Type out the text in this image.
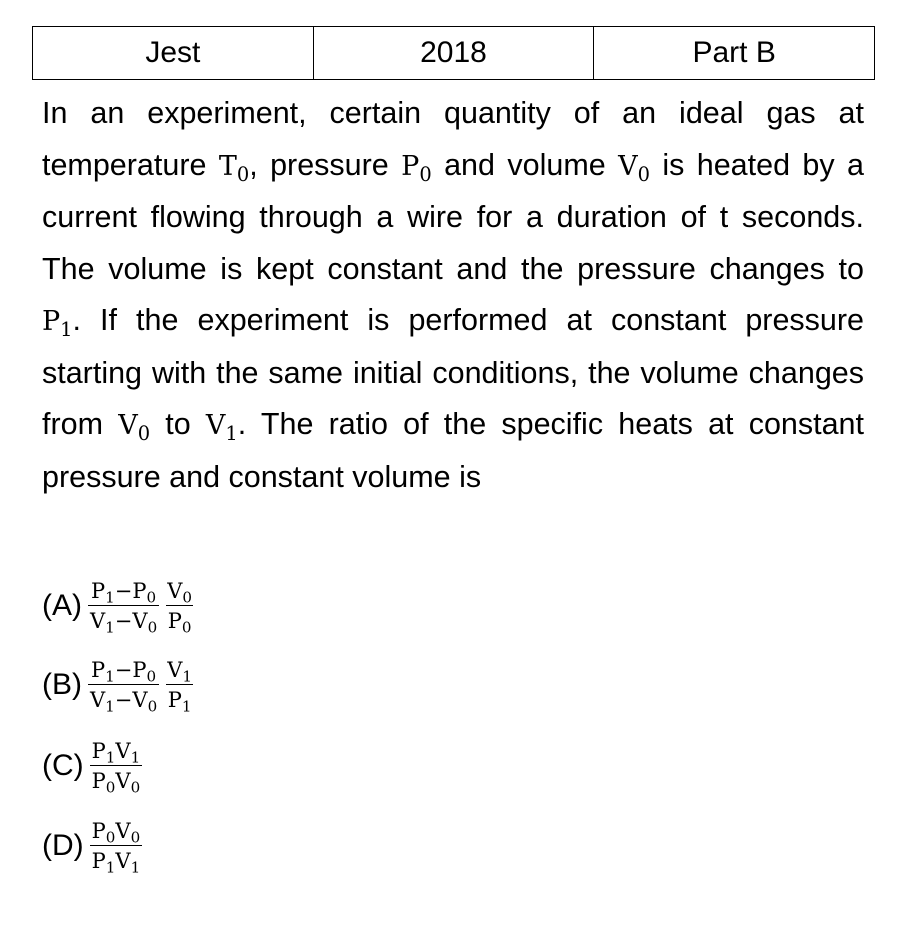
Jest	2018	Part B

In an experiment, certain quantity of an ideal gas at temperature $T_0$, pressure $P_0$ and volume $V_0$ is heated by a current flowing through a wire for a duration of t seconds. The volume is kept constant and the pressure changes to $P_1$. If the experiment is performed at constant pressure starting with the same initial conditions, the volume changes from $V_0$ to $V_1$. The ratio of the specific heats at constant pressure and constant volume is

$(A) \frac{P_1-P_0}{V_1-V_0} \frac{V_0}{P_0}$
$(B) \frac{P_1-P_0}{V_1-V_0} \frac{V_1}{P_1}$
$(C) \frac{P_1V_1}{P_0V_0}$
$(D) \frac{P_0V_0}{P_1V_1}$
